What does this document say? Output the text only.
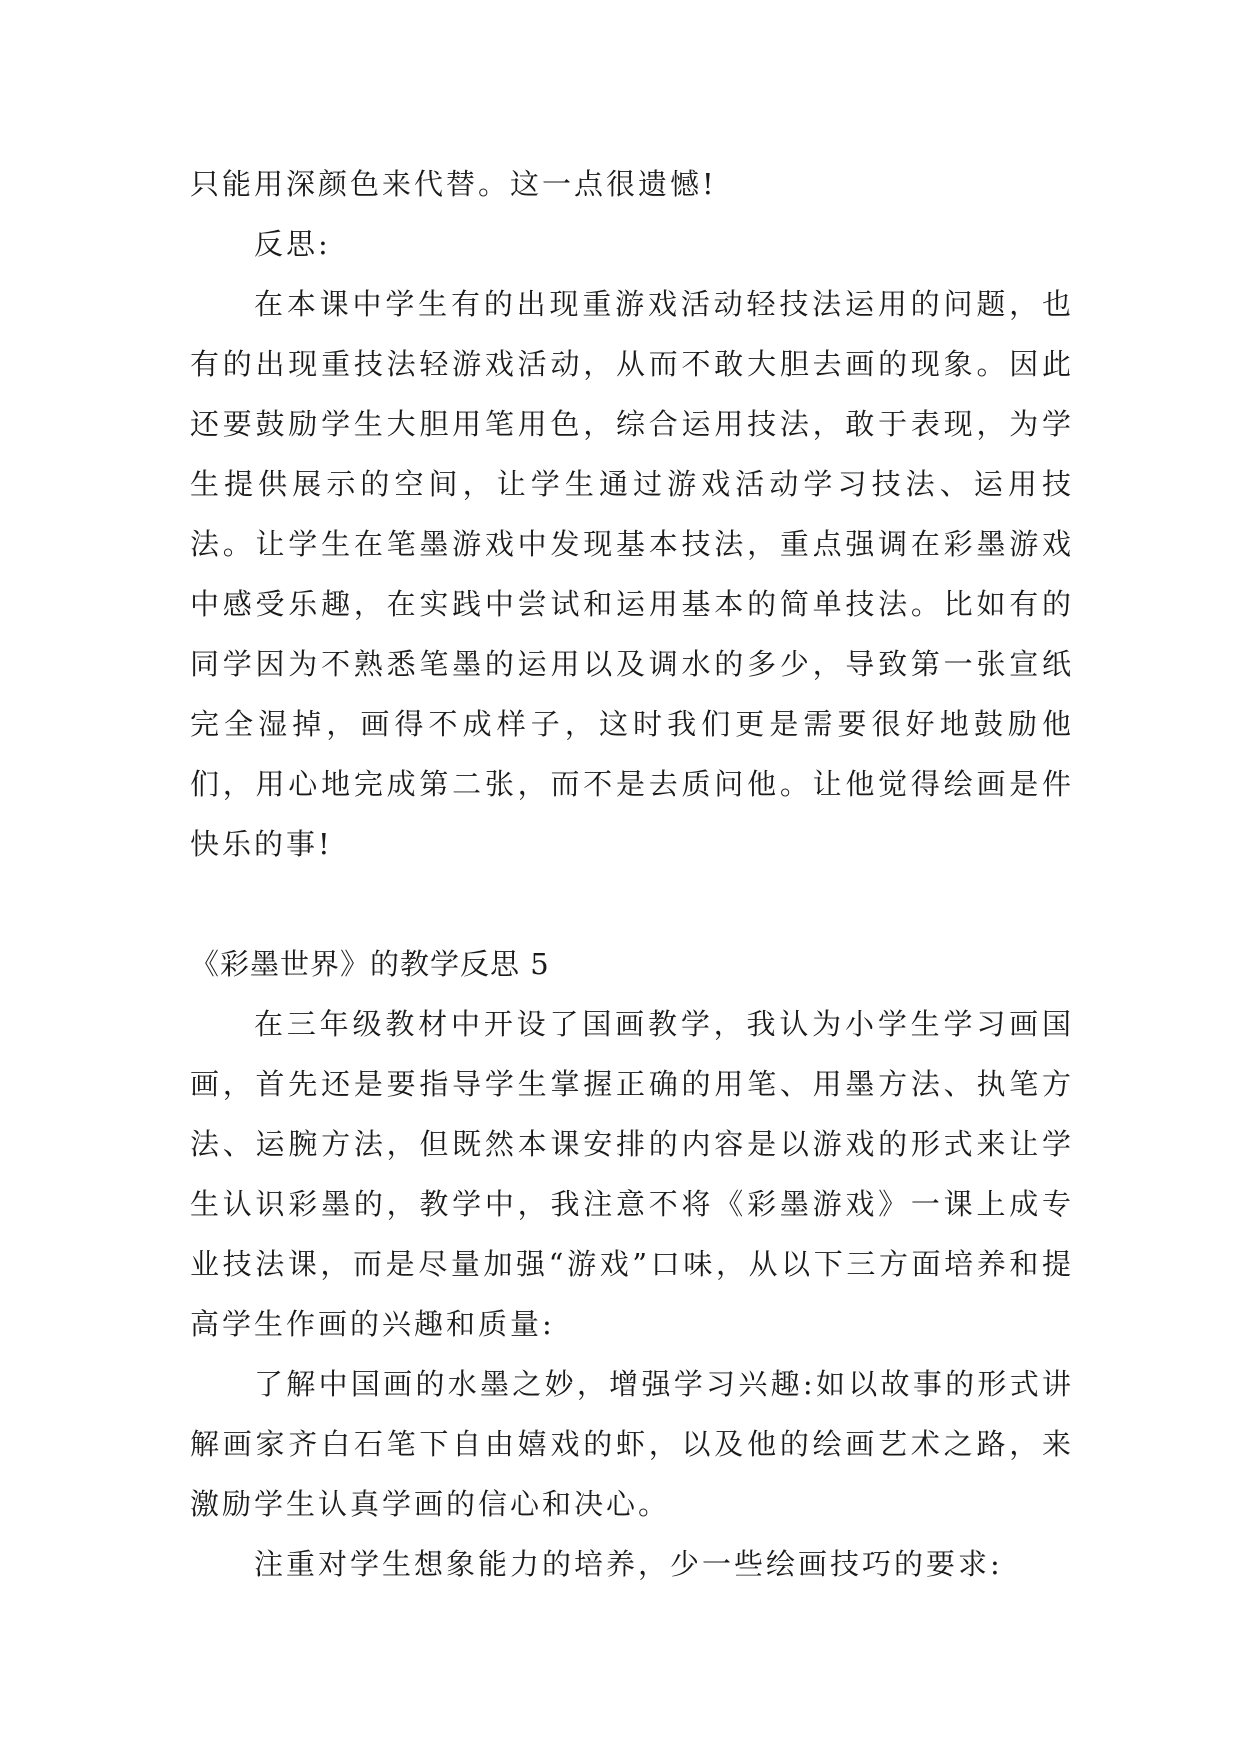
只能用深颜色来代替。这一点很遗憾!

反思:

在本课中学生有的出现重游戏活动轻技法运用的问题，也有的出现重技法轻游戏活动，从而不敢大胆去画的现象。因此还要鼓励学生大胆用笔用色，综合运用技法，敢于表现，为学生提供展示的空间，让学生通过游戏活动学习技法、运用技法。让学生在笔墨游戏中发现基本技法，重点强调在彩墨游戏中感受乐趣，在实践中尝试和运用基本的简单技法。比如有的同学因为不熟悉笔墨的运用以及调水的多少，导致第一张宣纸完全湿掉，画得不成样子，这时我们更是需要很好地鼓励他们，用心地完成第二张，而不是去质问他。让他觉得绘画是件快乐的事!

《彩墨世界》的教学反思 5

在三年级教材中开设了国画教学，我认为小学生学习画国画，首先还是要指导学生掌握正确的用笔、用墨方法、执笔方法、运腕方法，但既然本课安排的内容是以游戏的形式来让学生认识彩墨的，教学中，我注意不将《彩墨游戏》一课上成专业技法课，而是尽量加强“游戏”口味，从以下三方面培养和提高学生作画的兴趣和质量:

了解中国画的水墨之妙，增强学习兴趣:如以故事的形式讲解画家齐白石笔下自由嬉戏的虾，以及他的绘画艺术之路，来激励学生认真学画的信心和决心。

注重对学生想象能力的培养，少一些绘画技巧的要求:
